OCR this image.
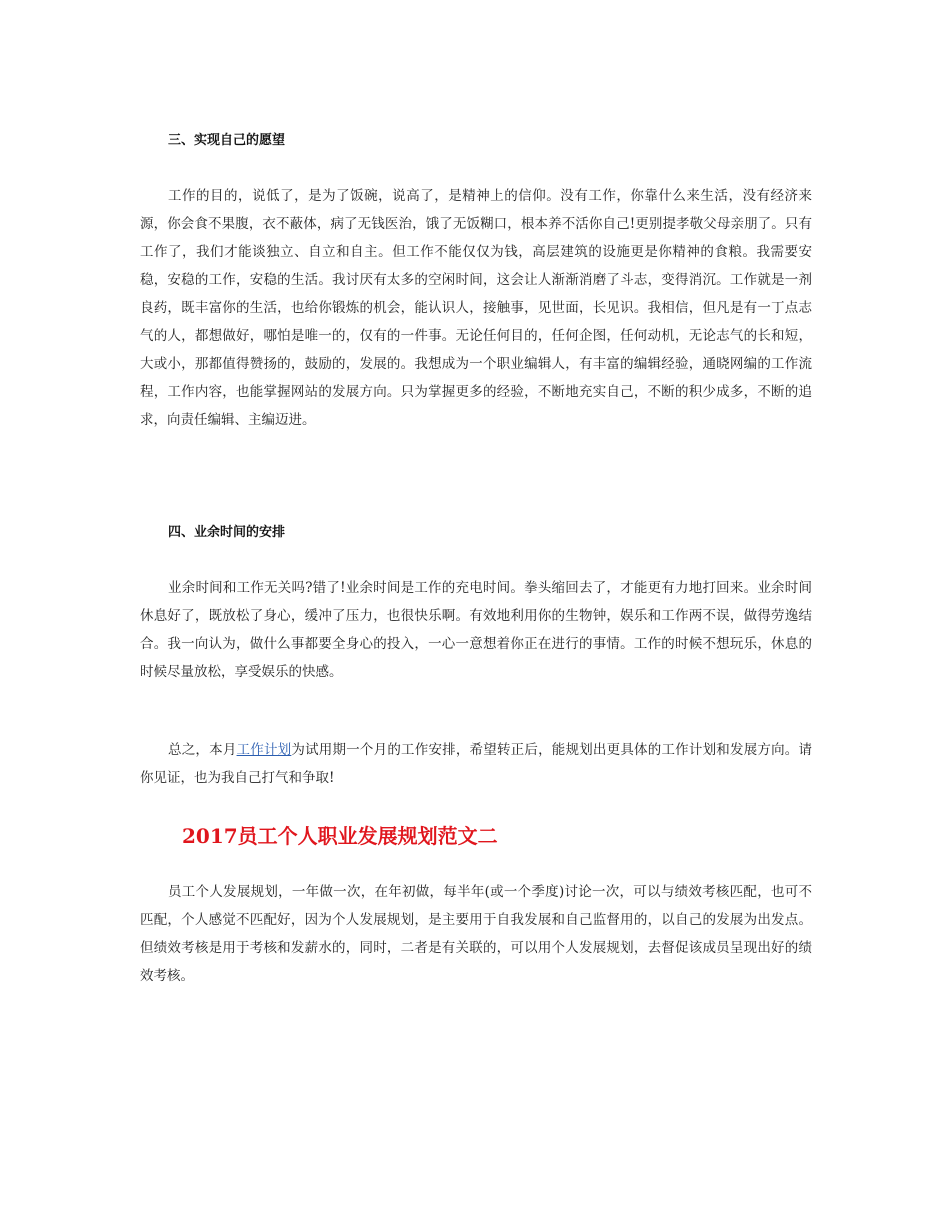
三、实现自己的愿望

工作的目的，说低了，是为了饭碗，说高了，是精神上的信仰。没有工作，你靠什么来生活，没有经济来源，你会食不果腹，衣不蔽体，病了无钱医治，饿了无饭糊口，根本养不活你自己!更别提孝敬父母亲朋了。只有工作了，我们才能谈独立、自立和自主。但工作不能仅仅为钱，高层建筑的设施更是你精神的食粮。我需要安稳，安稳的工作，安稳的生活。我讨厌有太多的空闲时间，这会让人渐渐消磨了斗志，变得消沉。工作就是一剂良药，既丰富你的生活，也给你锻炼的机会，能认识人，接触事，见世面，长见识。我相信，但凡是有一丁点志气的人，都想做好，哪怕是唯一的，仅有的一件事。无论任何目的，任何企图，任何动机，无论志气的长和短，大或小，那都值得赞扬的，鼓励的，发展的。我想成为一个职业编辑人，有丰富的编辑经验，通晓网编的工作流程，工作内容，也能掌握网站的发展方向。只为掌握更多的经验，不断地充实自己，不断的积少成多，不断的追求，向责任编辑、主编迈进。

四、业余时间的安排

业余时间和工作无关吗?错了!业余时间是工作的充电时间。拳头缩回去了，才能更有力地打回来。业余时间休息好了，既放松了身心，缓冲了压力，也很快乐啊。有效地利用你的生物钟，娱乐和工作两不误，做得劳逸结合。我一向认为，做什么事都要全身心的投入，一心一意想着你正在进行的事情。工作的时候不想玩乐，休息的时候尽量放松，享受娱乐的快感。

总之，本月工作计划为试用期一个月的工作安排，希望转正后，能规划出更具体的工作计划和发展方向。请你见证，也为我自己打气和争取!

2017员工个人职业发展规划范文二

员工个人发展规划，一年做一次，在年初做，每半年(或一个季度)讨论一次，可以与绩效考核匹配，也可不匹配，个人感觉不匹配好，因为个人发展规划，是主要用于自我发展和自己监督用的，以自己的发展为出发点。但绩效考核是用于考核和发薪水的，同时，二者是有关联的，可以用个人发展规划，去督促该成员呈现出好的绩效考核。
